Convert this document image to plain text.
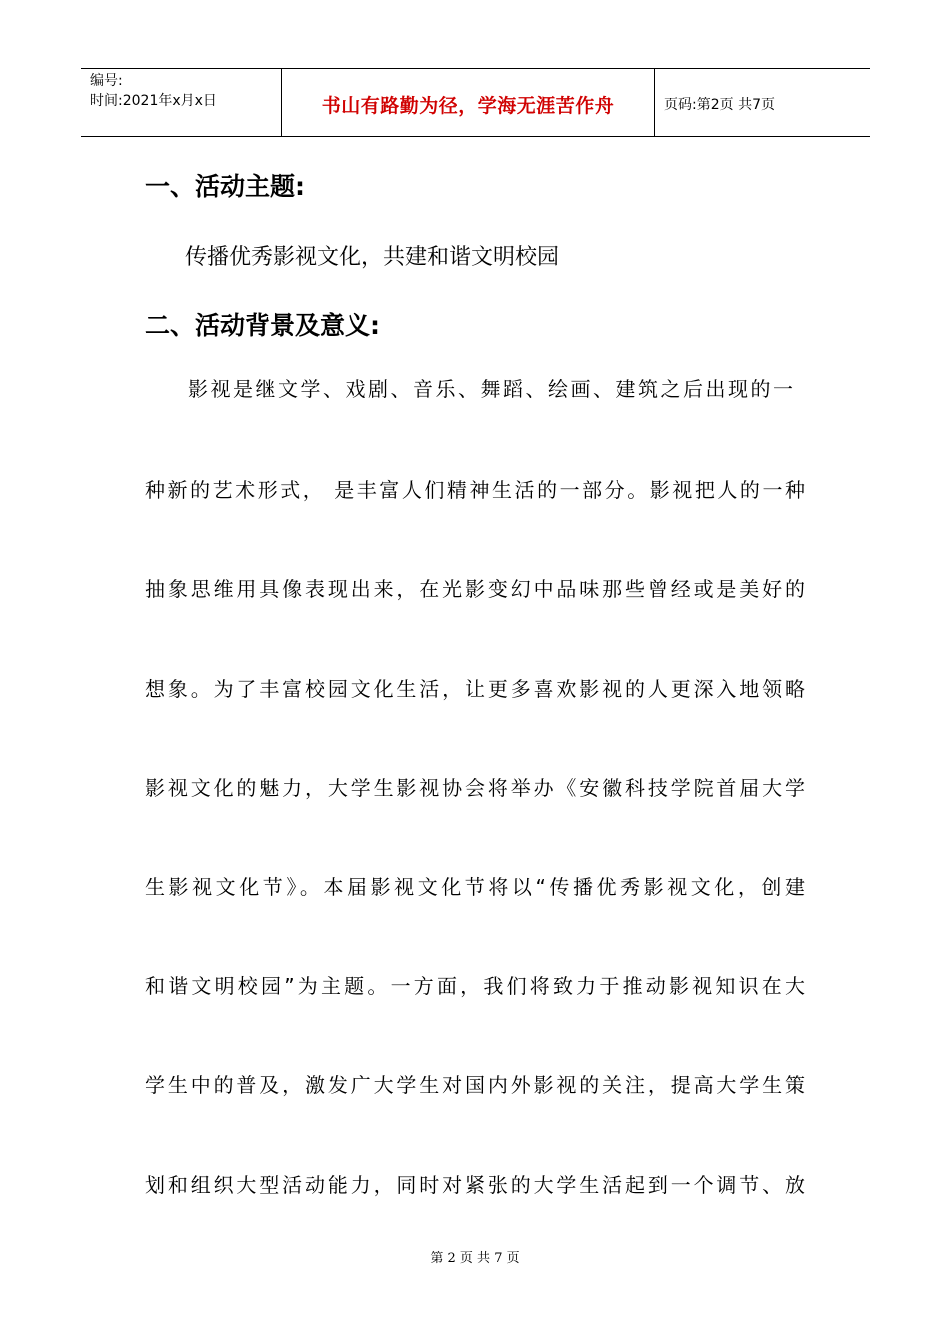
编号:
时间:2021年x月x日	书山有路勤为径，学海无涯苦作舟	页码:第2页 共7页
一、活动主题:
传播优秀影视文化，共建和谐文明校园
二、活动背景及意义:
影视是继文学、戏剧、音乐、舞蹈、绘画、建筑之后出现的一
种新的艺术形式， 是丰富人们精神生活的一部分。影视把人的一种
抽象思维用具像表现出来，在光影变幻中品味那些曾经或是美好的
想象。为了丰富校园文化生活，让更多喜欢影视的人更深入地领略
影视文化的魅力，大学生影视协会将举办《安徽科技学院首届大学
生影视文化节》。本届影视文化节将以“传播优秀影视文化，创建
和谐文明校园”为主题。一方面，我们将致力于推动影视知识在大
学生中的普及，激发广大学生对国内外影视的关注，提高大学生策
划和组织大型活动能力，同时对紧张的大学生活起到一个调节、放
第 2 页 共 7 页
